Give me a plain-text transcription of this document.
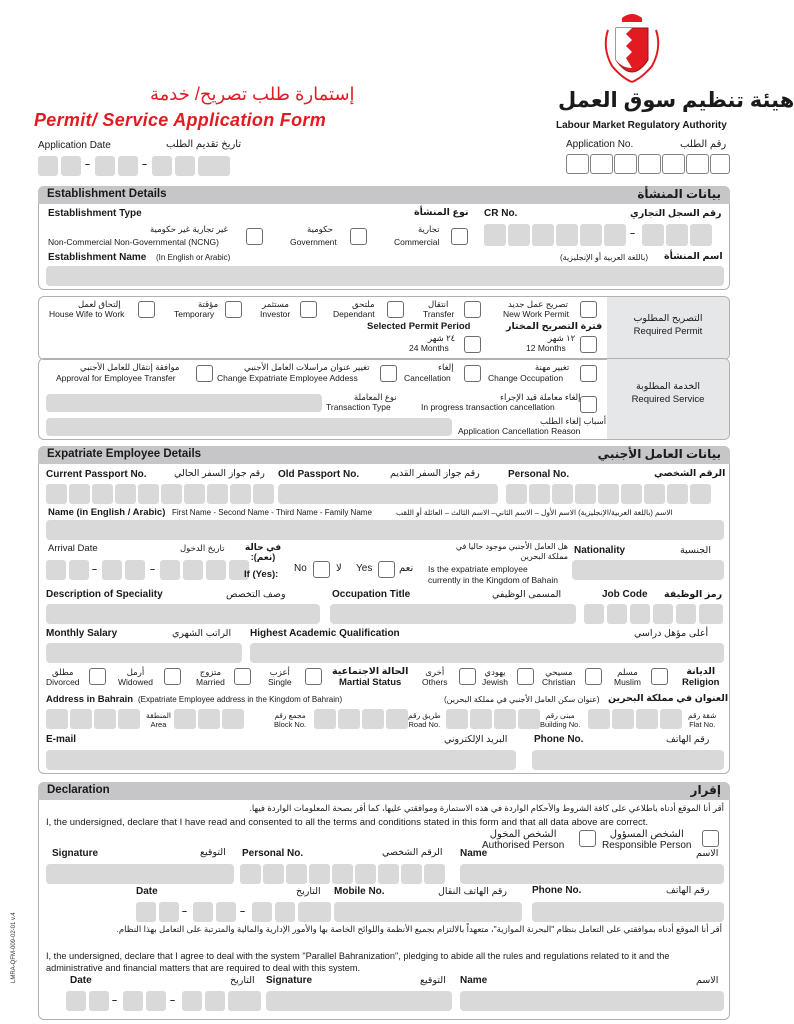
إستمارة طلب تصريح/ خدمة
Permit/ Service Application Form
هيئة تنظيم سوق العمل
Labour Market Regulatory Authority
Application Date	تاريخ تقديم الطلب
–	–
Application No.	رقم الطلب
Establishment Details	بيانات المنشأة
Establishment Type	نوع المنشأة
غير تجارية غير حكومية
Non-Commercial Non-Governmental (NCNG)
حكومية
Government
تجارية
Commercial
CR No.	رقم السجل التجاري
–
Establishment Name (In English or Arabic)	(باللغة العربية أو الإنجليزية) اسم المنشأة
التصريح المطلوب
Required Permit
إلتحاق لعمل
House Wife to Work
مؤقتة
Temporary
مستثمر
Investor
ملتحق
Dependant
انتقال
Transfer
تصريح عمل جديد
New Work Permit
Selected Permit Period	فترة التصريح المختار
٢٤ شهر
24 Months
١٢ شهر
12 Months
الخدمة المطلوبة
Required Service
موافقة إنتقال للعامل الأجنبي
Approval for Employee Transfer
تغيير عنوان مراسلات العامل الأجنبي
Change Expatriate Employee Addess
إلغاء
Cancellation
تغيير مهنة
Change Occupation
نوع المعاملة
Transaction Type
إلغاء معاملة قيد الإجراء
In progress transaction cancellation
أسباب إلغاء الطلب
Application Cancellation Reason
Expatriate Employee Details	بيانات العامل الأجنبي
Current Passport No.	رقم جواز السفر الحالي Old Passport No.	رقم جواز السفر القديم	Personal No.	الرقم الشخصي
Name (in English / Arabic) First Name - Second Name - Third Name - Family Name	الاسم (باللغة العربية/الإنجليزية) الاسم الأول – الاسم الثاني– الاسم الثالث – العائلة أو اللقب
Arrival Date	تاريخ الدخول
–	–
في حالة (نعم):
If (Yes):
No	لا Yes	نعم
هل العامل الأجنبي موجود حاليا في مملكة البحرين
Is the expatriate employee
currently in the Kingdom of Bahain
Nationality	الجنسية
Description of Speciality	وصف التخصص	Occupation Title	المسمى الوظيفي	Job Code رمز الوظيفة
Monthly Salary	الراتب الشهري Highest Academic Qualification	أعلى مؤهل دراسي
مطلق
Divorced
أرمل
Widowed
متزوج
Married
أعزب
Single
الحالة الاجتماعية
Martial Status
أخرى
Others
يهودي
Jewish
مسيحي
Christian
مسلم
Muslim
الديانة
Religion
Address in Bahrain (Expatriate Employee address in the Kingdom of Bahrain)	(عنوان سكن العامل الأجنبي في مملكة البحرين) العنوان في مملكة البحرين
المنطقة
Area
مجمع رقم
Block No.
طريق رقم
Road No.
مبنى رقم
Building No.
شقة رقم
Flat No.
E-mail	البريد الإلكتروني	Phone No.	رقم الهاتف
Declaration	إقرار
أقر أنا الموقع أدناه باطلاعي على كافة الشروط والأحكام الواردة في هذه الاستمارة وموافقتي عليها، كما أقر بصحة المعلومات الواردة فيها.
I, the undersigned, declare that I have read and consented to all the terms and conditions stated in this form and that all data above are correct.
الشخص المخول
Authorised Person
الشخص المسؤول
Responsible Person
Signature	التوقيع Personal No.	الرقم الشخصي Name	الاسم
Date	التاريخ
–	–
Mobile No.	رقم الهاتف النقال Phone No.	رقم الهاتف
أقر أنا الموقع أدناه بموافقتي على التعامل بنظام "البحرنة الموازية"، متعهداً بالالتزام بجميع الأنظمة واللوائح الخاصة بها والأمور الإدارية والمالية والمترتبة على التعامل بهذا النظام.
I, the undersigned, declare that I agree to deal with the system "Parallel Bahranization", pledging to abide all the rules and regulations related to it and the
administrative and financial matters that are required to deal with this system.
Date	التاريخ
–	–
Signature	التوقيع Name	الاسم
LMRA-QFM-009-02-01 v.4
